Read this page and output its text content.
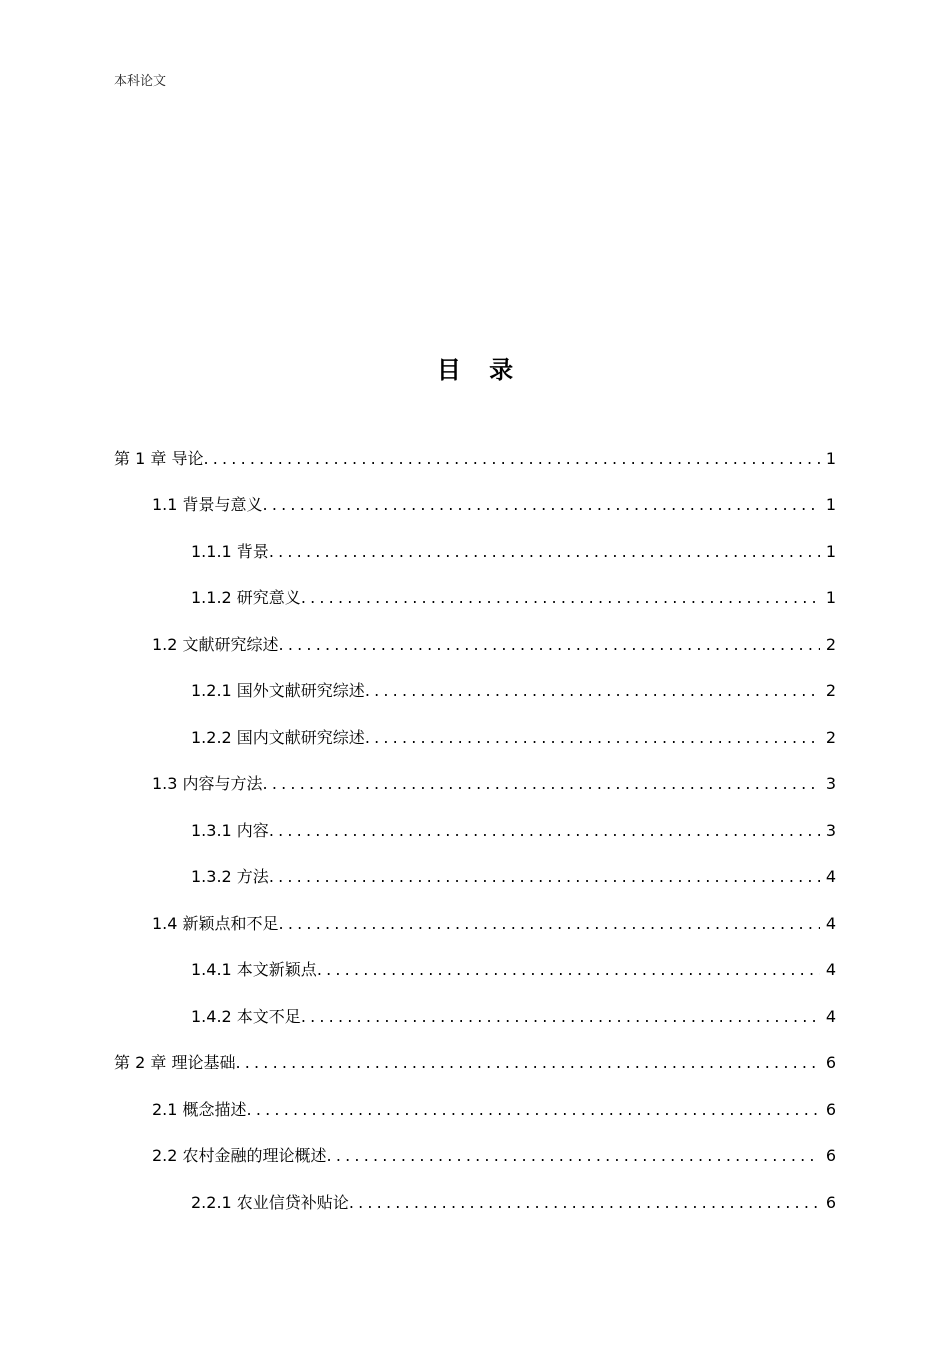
本科论文
目 录
第 1 章 导论 .....	1
1.1 背景与意义 .....	1
1.1.1 背景 .....	1
1.1.2 研究意义 .....	1
1.2 文献研究综述 .....	2
1.2.1 国外文献研究综述 .....	2
1.2.2 国内文献研究综述 .....	2
1.3 内容与方法 .....	3
1.3.1 内容 .....	3
1.3.2 方法 .....	4
1.4 新颖点和不足 .....	4
1.4.1 本文新颖点 .....	4
1.4.2 本文不足 .....	4
第 2 章 理论基础 .....	6
2.1 概念描述 .....	6
2.2 农村金融的理论概述 .....	6
2.2.1 农业信贷补贴论 .....	6
